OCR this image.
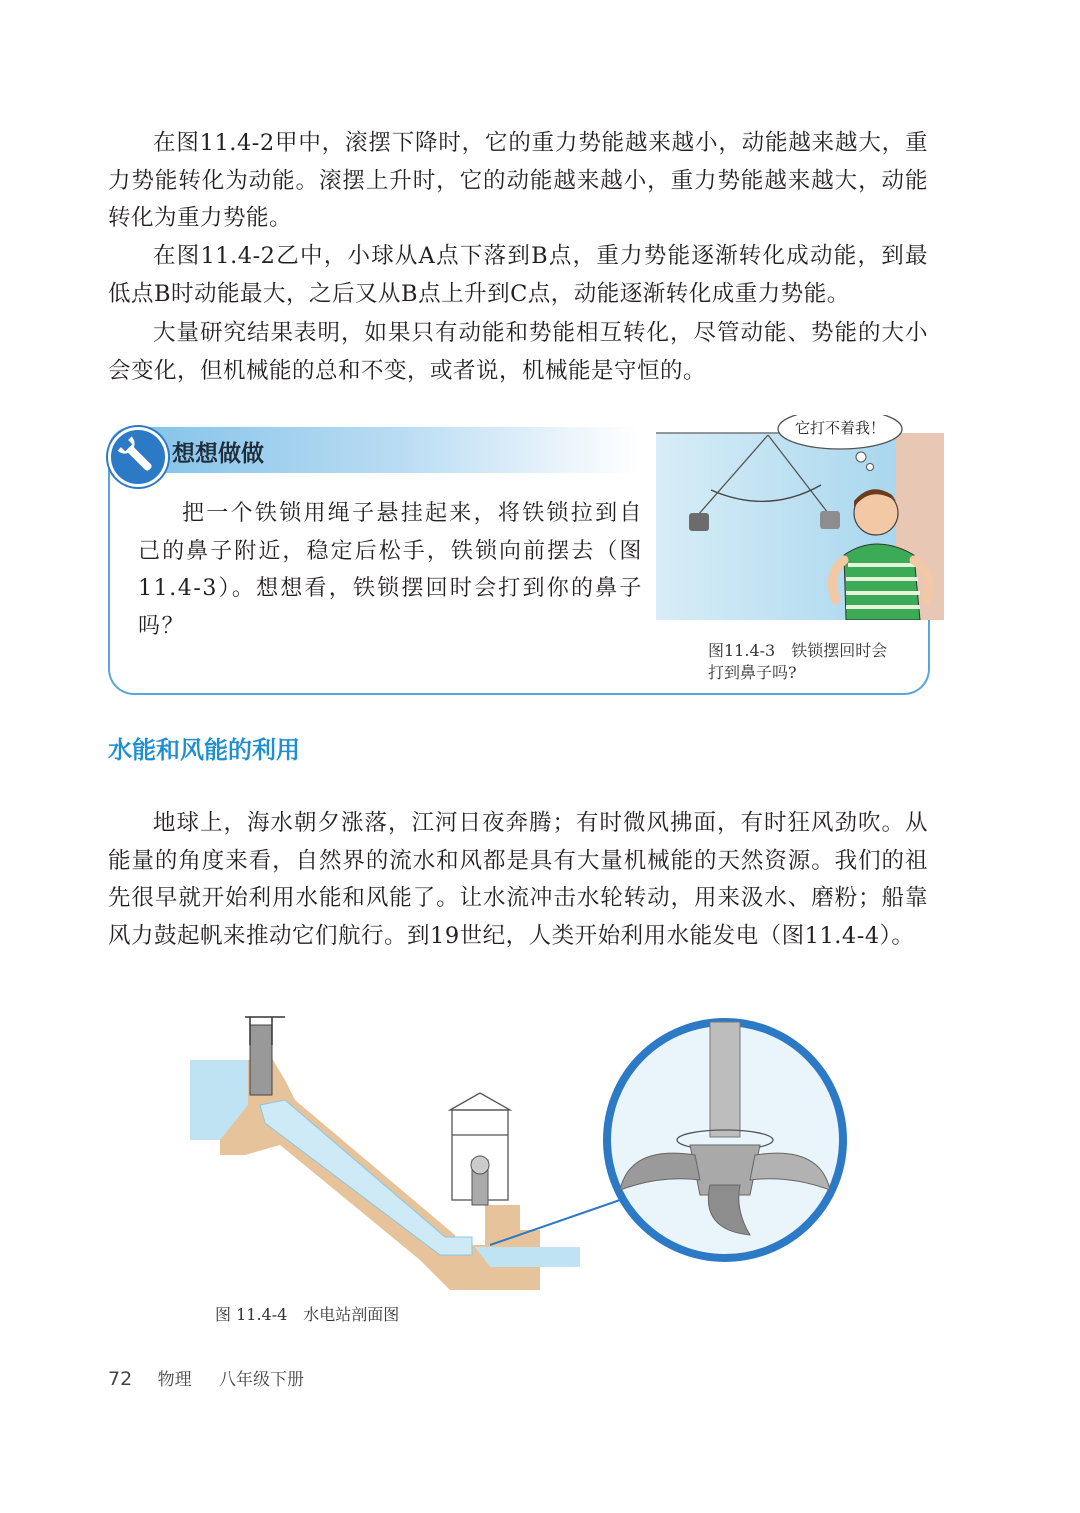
在图11.4-2甲中，滚摆下降时，它的重力势能越来越小，动能越来越大，重力势能转化为动能。滚摆上升时，它的动能越来越小，重力势能越来越大，动能转化为重力势能。

在图11.4-2乙中，小球从A点下落到B点，重力势能逐渐转化成动能，到最低点B时动能最大，之后又从B点上升到C点，动能逐渐转化成重力势能。

大量研究结果表明，如果只有动能和势能相互转化，尽管动能、势能的大小会变化，但机械能的总和不变，或者说，机械能是守恒的。

想想做做

把一个铁锁用绳子悬挂起来，将铁锁拉到自己的鼻子附近，稳定后松手，铁锁向前摆去（图11.4-3）。想想看，铁锁摆回时会打到你的鼻子吗？

它打不着我！
图11.4-3　铁锁摆回时会打到鼻子吗?
水能和风能的利用

地球上，海水朝夕涨落，江河日夜奔腾；有时微风拂面，有时狂风劲吹。从能量的角度来看，自然界的流水和风都是具有大量机械能的天然资源。我们的祖先很早就开始利用水能和风能了。让水流冲击水轮转动，用来汲水、磨粉；船靠风力鼓起帆来推动它们航行。到19世纪，人类开始利用水能发电（图11.4-4）。

图 11.4-4　水电站剖面图
72 物理 八年级下册
